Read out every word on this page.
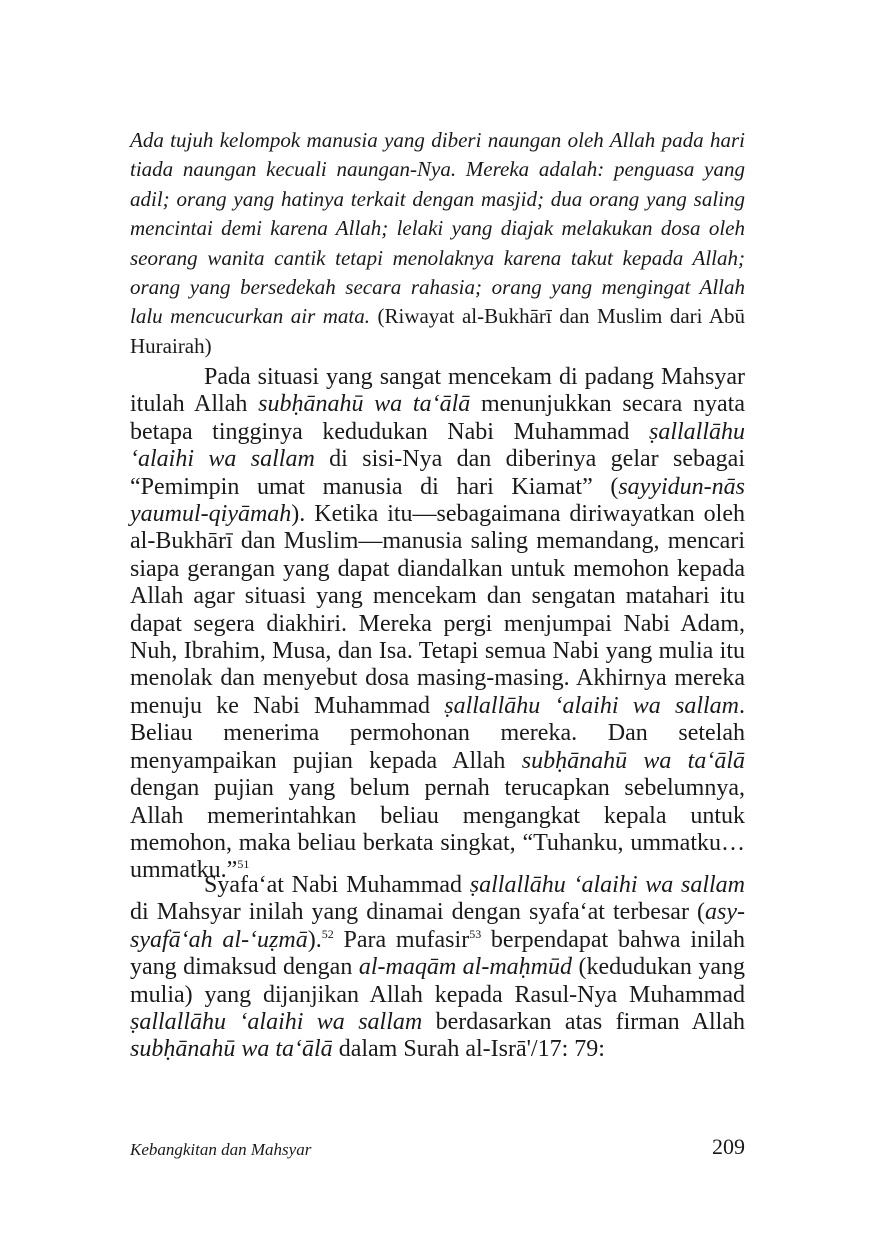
Ada tujuh kelompok manusia yang diberi naungan oleh Allah pada hari tiada naungan kecuali naungan-Nya. Mereka adalah: penguasa yang adil; orang yang hatinya terkait dengan masjid; dua orang yang saling mencintai demi karena Allah; lelaki yang diajak melakukan dosa oleh seorang wanita cantik tetapi menolaknya karena takut kepada Allah; orang yang bersedekah secara rahasia; orang yang mengingat Allah lalu mencucurkan air mata. (Riwayat al-Bukhārī dan Muslim dari Abū Hurairah)
Pada situasi yang sangat mencekam di padang Mahsyar itulah Allah subḥānahū wa ta‘ālā menunjukkan secara nyata betapa tingginya kedudukan Nabi Muhammad ṣallallāhu ‘alaihi wa sallam di sisi-Nya dan diberinya gelar sebagai “Pemimpin umat manusia di hari Kiamat” (sayyidun-nās yaumul-qiyāmah). Ketika itu—sebagaimana diriwayatkan oleh al-Bukhārī dan Muslim—manusia saling memandang, mencari siapa gerangan yang dapat diandalkan untuk memohon kepada Allah agar situasi yang mencekam dan sengatan matahari itu dapat segera diakhiri. Mereka pergi menjumpai Nabi Adam, Nuh, Ibrahim, Musa, dan Isa. Tetapi semua Nabi yang mulia itu menolak dan menyebut dosa masing-masing. Akhirnya mereka menuju ke Nabi Muhammad ṣallallāhu ‘alaihi wa sallam. Beliau menerima permohonan mereka. Dan setelah menyampaikan pujian kepada Allah subḥānahū wa ta‘ālā dengan pujian yang belum pernah terucapkan sebelumnya, Allah memerintahkan beliau mengangkat kepala untuk memohon, maka beliau berkata singkat, “Tuhanku, ummatku… ummatku.”$^{51}$
Syafa‘at Nabi Muhammad ṣallallāhu ‘alaihi wa sallam di Mahsyar inilah yang dinamai dengan syafa‘at terbesar (asy-syafā‘ah al-‘uẓmā).$^{52}$ Para mufasir$^{53}$ berpendapat bahwa inilah yang dimaksud dengan al-maqām al-maḥmūd (kedudukan yang mulia) yang dijanjikan Allah kepada Rasul-Nya Muhammad ṣallallāhu ‘alaihi wa sallam berdasarkan atas firman Allah subḥānahū wa ta‘ālā dalam Surah al-Isrā'/17: 79:
Kebangkitan dan Mahsyar	209
